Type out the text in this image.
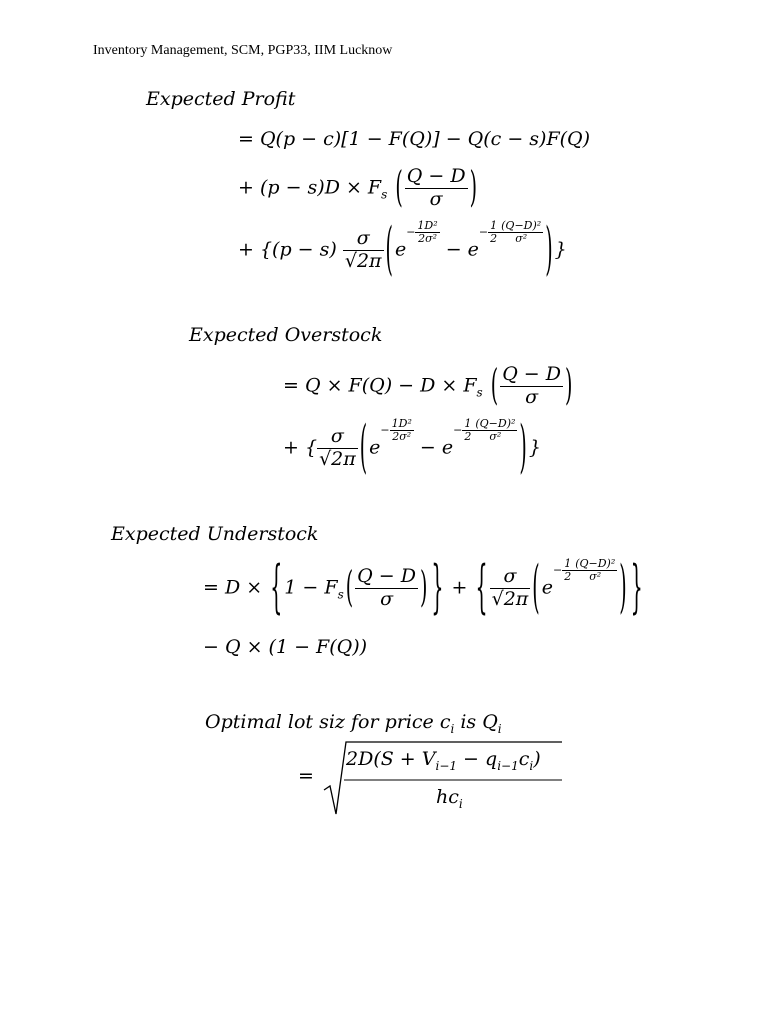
Inventory Management, SCM, PGP33, IIM Lucknow
Expected Profit
= Q(p − c)[1 − F(Q)] − Q(c − s)F(Q)
+ $(p - s)D \times F_s$ ( $\frac{Q - D}{\sigma}$ )
+ {$(p - s) \frac{\sigma}{√2\pi}$ ( $e- \frac{\text{1D²}}{\text{2σ²}}$
− $e- \frac{1}{2} \frac{\text{(Q−D)²}}{\text{σ²}}$ ) }
Expected Overstock
= $Q \times F(Q) - D \times F_s$ ( $\frac{Q - D}{\sigma}$ )
+ { $\frac{\sigma}{√2\pi}$ ( $e- \frac{\text{1D²}}{\text{2σ²}}$
− $e- \frac{1}{2} \frac{\text{(Q−D)²}}{\text{σ²}}$ ) }
Expected Understock
= D × { $1 - F_s$ ( $\frac{Q - D}{\sigma}$ ) } + { $\frac{\sigma}{√2\pi}$ ( $e- \frac{1}{2} \frac{\text{(Q−D)²}}{\text{σ²}}$ ) }
− Q × (1 − F(Q))
Optimal lot siz for price $c_i$ is $Q_i$
=
$2D(S + V_{i-1} - q_{i-1}c_i)$
$hc_i$
